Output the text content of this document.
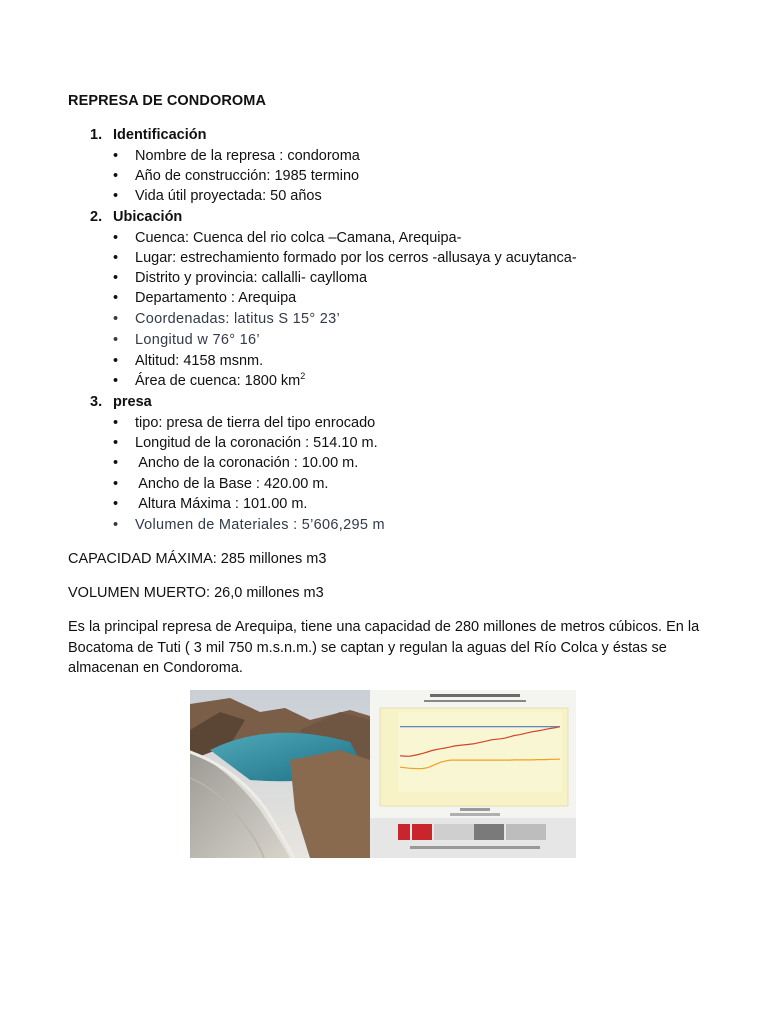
REPRESA DE CONDOROMA
1. Identificación
• Nombre de la represa : condoroma
• Año de construcción: 1985 termino
• Vida útil proyectada: 50 años
2. Ubicación
• Cuenca: Cuenca del rio colca –Camana, Arequipa-
• Lugar: estrechamiento formado por los cerros -allusaya y acuytanca-
• Distrito y provincia: callalli- caylloma
• Departamento : Arequipa
• Coordenadas: latitus S 15° 23’
• Longitud w 76° 16’
• Altitud: 4158 msnm.
• Área de cuenca: 1800 $km^2$
3. presa
• tipo: presa de tierra del tipo enrocado
• Longitud de la coronación : 514.10 m.
• Ancho de la coronación : 10.00 m.
• Ancho de la Base : 420.00 m.
• Altura Máxima : 101.00 m.
• Volumen de Materiales : 5’606,295 m
CAPACIDAD MÁXIMA: 285 millones m3
VOLUMEN MUERTO: 26,0 millones m3
Es la principal represa de Arequipa, tiene una capacidad de 280 millones de metros cúbicos. En la Bocatoma de Tuti ( 3 mil 750 m.s.n.m.) se captan y regulan la aguas del Río Colca y éstas se almacenan en Condoroma.
